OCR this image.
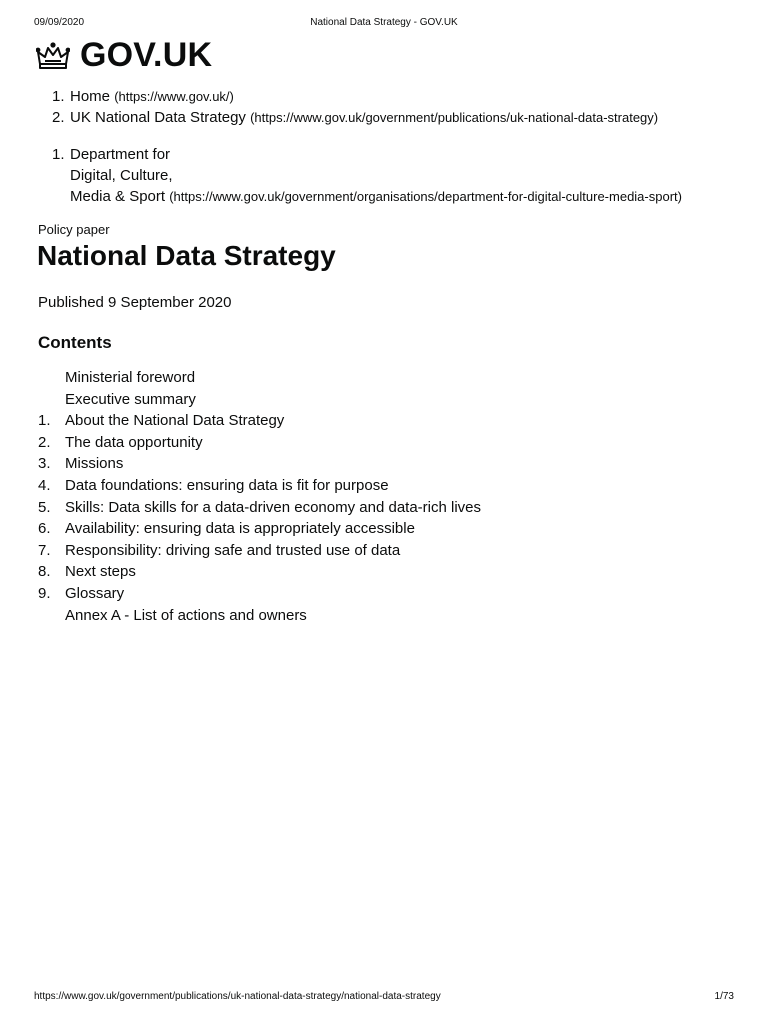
09/09/2020	National Data Strategy - GOV.UK
GOV.UK
1. Home (https://www.gov.uk/)
2. UK National Data Strategy (https://www.gov.uk/government/publications/uk-national-data-strategy)
1. Department for
Digital, Culture,
Media & Sport (https://www.gov.uk/government/organisations/department-for-digital-culture-media-sport)
Policy paper
National Data Strategy
Published 9 September 2020
Contents
Ministerial foreword
Executive summary
1. About the National Data Strategy
2. The data opportunity
3. Missions
4. Data foundations: ensuring data is fit for purpose
5. Skills: Data skills for a data-driven economy and data-rich lives
6. Availability: ensuring data is appropriately accessible
7. Responsibility: driving safe and trusted use of data
8. Next steps
9. Glossary
Annex A - List of actions and owners
https://www.gov.uk/government/publications/uk-national-data-strategy/national-data-strategy	1/73
